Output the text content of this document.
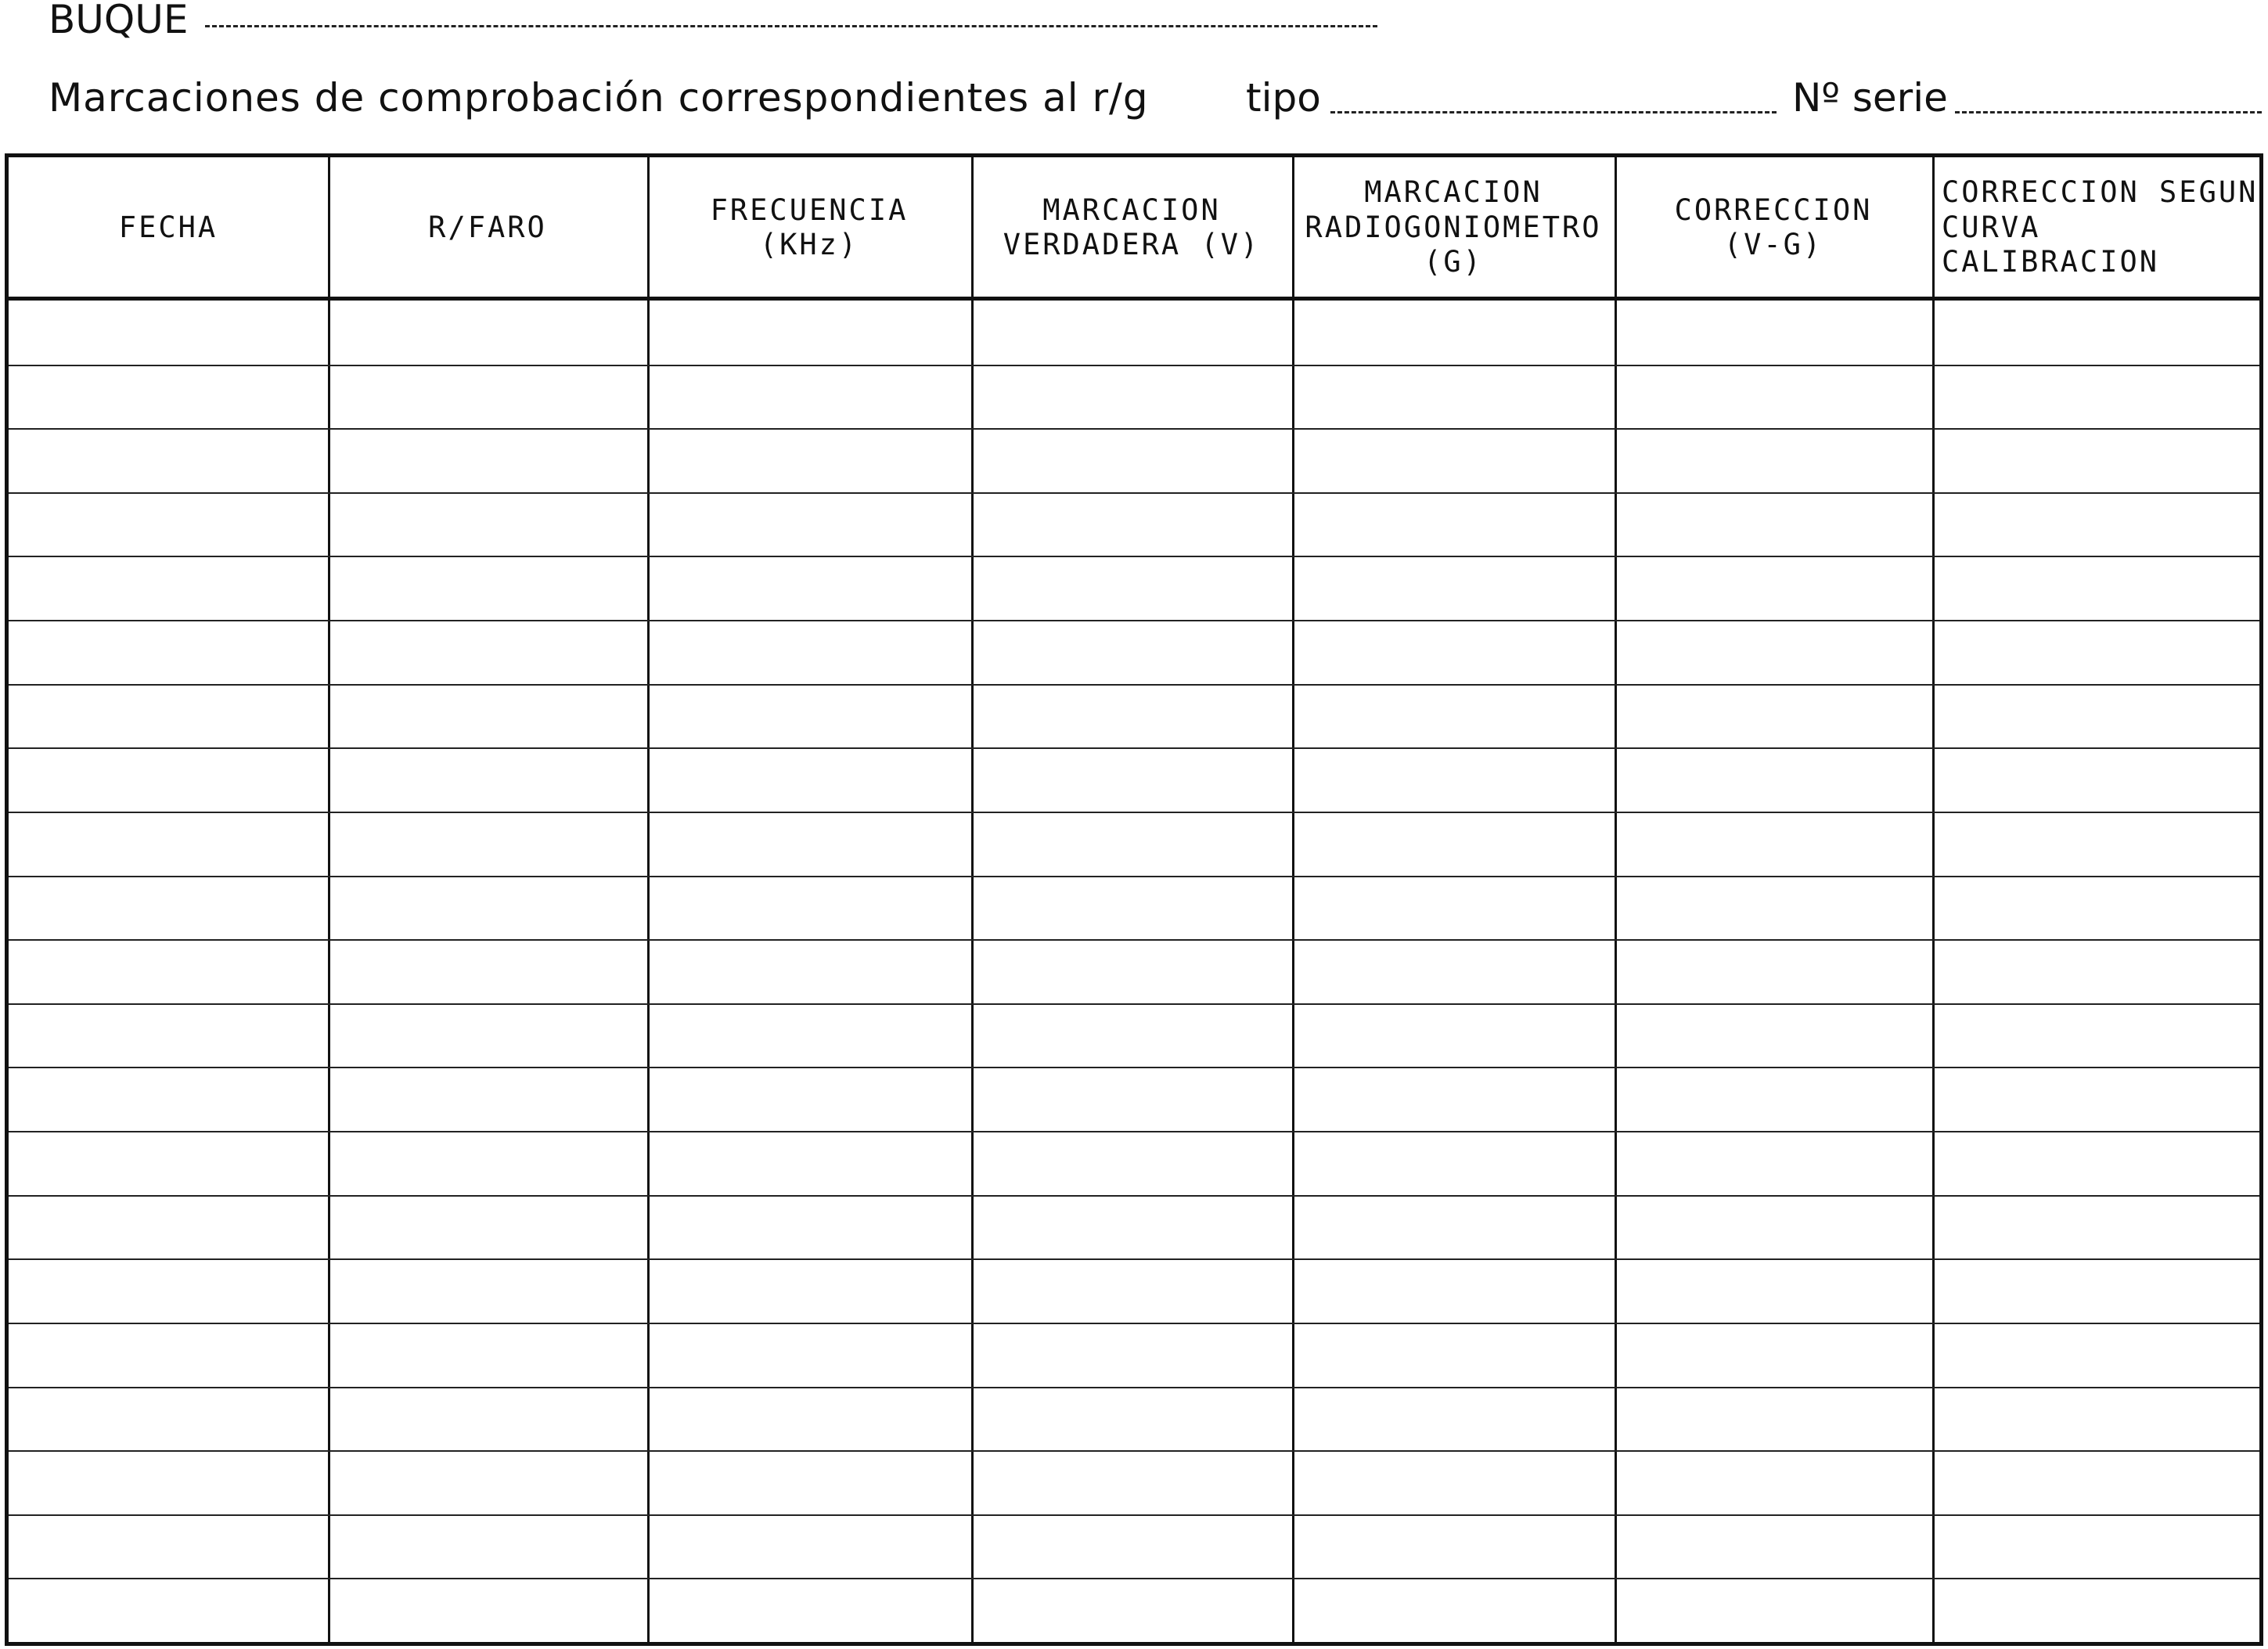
BUQUE
Marcaciones de comprobación correspondientes al r/g tipo	Nº serie
FECHA	R/FARO
FRECUENCIA
(KHz)
MARCACION
VERDADERA (V)
MARCACION
RADIOGONIOMETRO
(G)
CORRECCION
(V-G)
CORRECCION SEGUN
CURVA CALIBRACION
